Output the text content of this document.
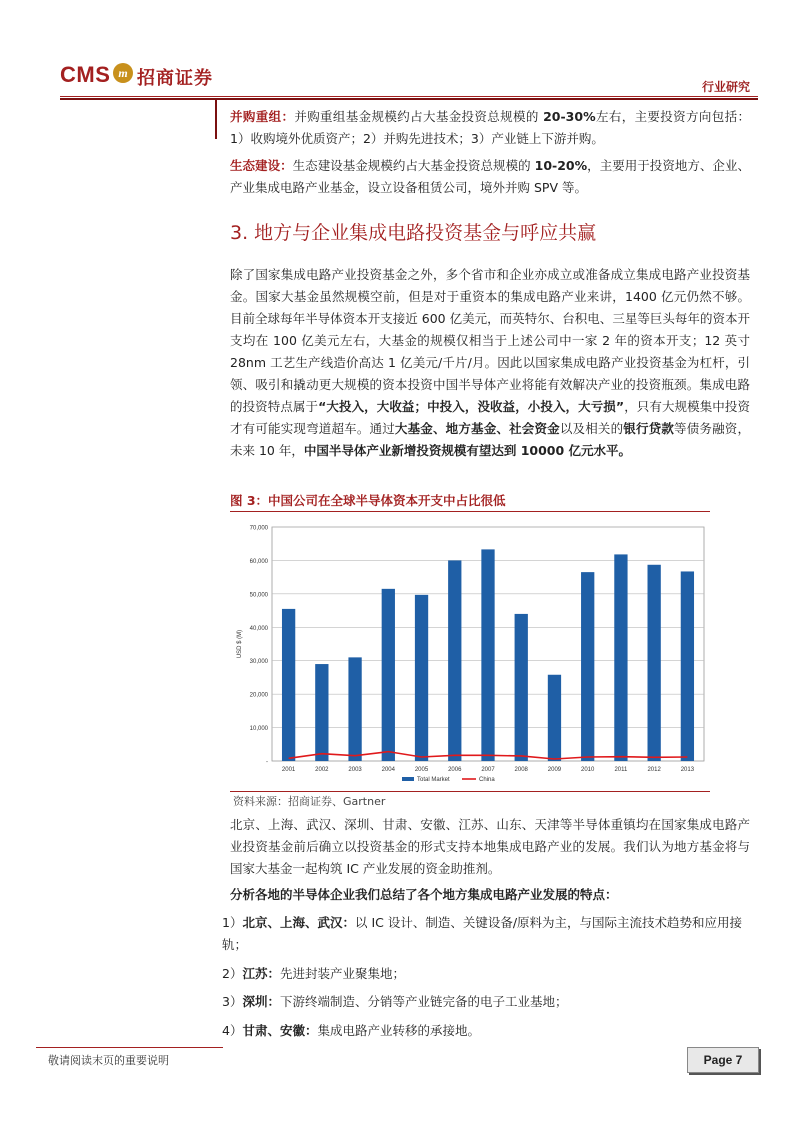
CMS m 招商证券	行业研究
并购重组：并购重组基金规模约占大基金投资总规模的 20-30%左右，主要投资方向包括：1）收购境外优质资产；2）并购先进技术；3）产业链上下游并购。
生态建设：生态建设基金规模约占大基金投资总规模的 10-20%，主要用于投资地方、企业、产业集成电路产业基金，设立设备租赁公司，境外并购 SPV 等。
3. 地方与企业集成电路投资基金与呼应共赢
除了国家集成电路产业投资基金之外，多个省市和企业亦成立或准备成立集成电路产业投资基金。国家大基金虽然规模空前，但是对于重资本的集成电路产业来讲，1400 亿元仍然不够。目前全球每年半导体资本开支接近 600 亿美元，而英特尔、台积电、三星等巨头每年的资本开支均在 100 亿美元左右，大基金的规模仅相当于上述公司中一家 2 年的资本开支；12 英寸 28nm 工艺生产线造价高达 1 亿美元/千片/月。因此以国家集成电路产业投资基金为杠杆，引领、吸引和撬动更大规模的资本投资中国半导体产业将能有效解决产业的投资瓶颈。集成电路的投资特点属于“大投入，大收益；中投入，没收益，小投入，大亏损”，只有大规模集中投资才有可能实现弯道超车。通过大基金、地方基金、社会资金以及相关的银行贷款等债务融资，未来 10 年，中国半导体产业新增投资规模有望达到 10000 亿元水平。
图 3：中国公司在全球半导体资本开支中占比很低
70,000
60,000
50,000
40,000
30,000
20,000
10,000
-
USD $ (M)
2001	2002	2003	2004	2005	2006	2007	2008	2009	2010	2011	2012	2013
Total Market	China
资料来源：招商证券、Gartner
北京、上海、武汉、深圳、甘肃、安徽、江苏、山东、天津等半导体重镇均在国家集成电路产业投资基金前后确立以投资基金的形式支持本地集成电路产业的发展。我们认为地方基金将与国家大基金一起构筑 IC 产业发展的资金助推剂。
分析各地的半导体企业我们总结了各个地方集成电路产业发展的特点：
1）北京、上海、武汉：以 IC 设计、制造、关键设备/原料为主，与国际主流技术趋势和应用接轨；
2）江苏：先进封装产业聚集地；
3）深圳：下游终端制造、分销等产业链完备的电子工业基地；
4）甘肃、安徽：集成电路产业转移的承接地。
敬请阅读末页的重要说明	Page 7
